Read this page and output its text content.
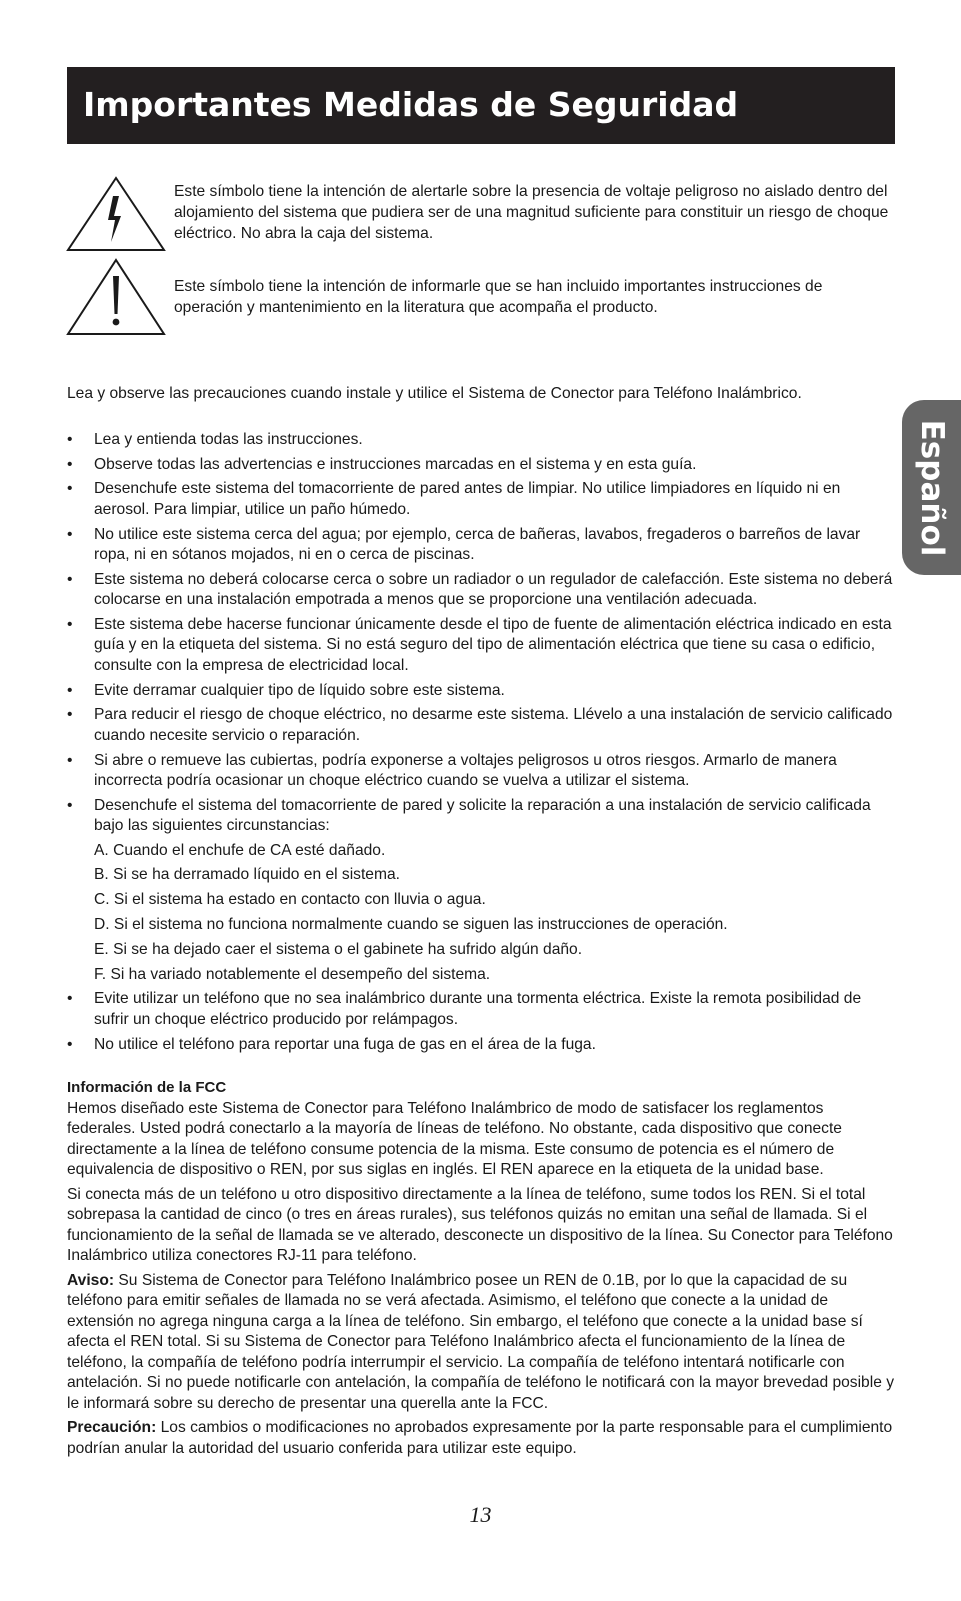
Importantes Medidas de Seguridad

Este símbolo tiene la intención de alertarle sobre la presencia de voltaje peligroso no aislado dentro del alojamiento del sistema que pudiera ser de una magnitud suficiente para constituir un riesgo de choque eléctrico. No abra la caja del sistema.

Este símbolo tiene la intención de informarle que se han incluido importantes instrucciones de operación y mantenimiento en la literatura que acompaña el producto.

Español

Lea y observe las precauciones cuando instale y utilice el Sistema de Conector para Teléfono Inalámbrico.

• Lea y entienda todas las instrucciones.
• Observe todas las advertencias e instrucciones marcadas en el sistema y en esta guía.
• Desenchufe este sistema del tomacorriente de pared antes de limpiar. No utilice limpiadores en líquido ni en aerosol. Para limpiar, utilice un paño húmedo.
• No utilice este sistema cerca del agua; por ejemplo, cerca de bañeras, lavabos, fregaderos o barreños de lavar ropa, ni en sótanos mojados, ni en o cerca de piscinas.
• Este sistema no deberá colocarse cerca o sobre un radiador o un regulador de calefacción. Este sistema no deberá colocarse en una instalación empotrada a menos que se proporcione una ventilación adecuada.
• Este sistema debe hacerse funcionar únicamente desde el tipo de fuente de alimentación eléctrica indicado en esta guía y en la etiqueta del sistema. Si no está seguro del tipo de alimentación eléctrica que tiene su casa o edificio, consulte con la empresa de electricidad local.
• Evite derramar cualquier tipo de líquido sobre este sistema.
• Para reducir el riesgo de choque eléctrico, no desarme este sistema. Llévelo a una instalación de servicio calificado cuando necesite servicio o reparación.
• Si abre o remueve las cubiertas, podría exponerse a voltajes peligrosos u otros riesgos. Armarlo de manera incorrecta podría ocasionar un choque eléctrico cuando se vuelva a utilizar el sistema.
• Desenchufe el sistema del tomacorriente de pared y solicite la reparación a una instalación de servicio calificada bajo las siguientes circunstancias:
A. Cuando el enchufe de CA esté dañado.
B. Si se ha derramado líquido en el sistema.
C. Si el sistema ha estado en contacto con lluvia o agua.
D. Si el sistema no funciona normalmente cuando se siguen las instrucciones de operación.
E. Si se ha dejado caer el sistema o el gabinete ha sufrido algún daño.
F. Si ha variado notablemente el desempeño del sistema.
• Evite utilizar un teléfono que no sea inalámbrico durante una tormenta eléctrica. Existe la remota posibilidad de sufrir un choque eléctrico producido por relámpagos.
• No utilice el teléfono para reportar una fuga de gas en el área de la fuga.

Información de la FCC

Hemos diseñado este Sistema de Conector para Teléfono Inalámbrico de modo de satisfacer los reglamentos federales. Usted podrá conectarlo a la mayoría de líneas de teléfono. No obstante, cada dispositivo que conecte directamente a la línea de teléfono consume potencia de la misma. Este consumo de potencia es el número de equivalencia de dispositivo o REN, por sus siglas en inglés. El REN aparece en la etiqueta de la unidad base.

Si conecta más de un teléfono u otro dispositivo directamente a la línea de teléfono, sume todos los REN. Si el total sobrepasa la cantidad de cinco (o tres en áreas rurales), sus teléfonos quizás no emitan una señal de llamada. Si el funcionamiento de la señal de llamada se ve alterado, desconecte un dispositivo de la línea. Su Conector para Teléfono Inalámbrico utiliza conectores RJ-11 para teléfono.

Aviso: Su Sistema de Conector para Teléfono Inalámbrico posee un REN de 0.1B, por lo que la capacidad de su teléfono para emitir señales de llamada no se verá afectada. Asimismo, el teléfono que conecte a la unidad de extensión no agrega ninguna carga a la línea de teléfono. Sin embargo, el teléfono que conecte a la unidad base sí afecta el REN total. Si su Sistema de Conector para Teléfono Inalámbrico afecta el funcionamiento de la línea de teléfono, la compañía de teléfono podría interrumpir el servicio. La compañía de teléfono intentará notificarle con antelación. Si no puede notificarle con antelación, la compañía de teléfono le notificará con la mayor brevedad posible y le informará sobre su derecho de presentar una querella ante la FCC.

Precaución: Los cambios o modificaciones no aprobados expresamente por la parte responsable para el cumplimiento podrían anular la autoridad del usuario conferida para utilizar este equipo.

13
